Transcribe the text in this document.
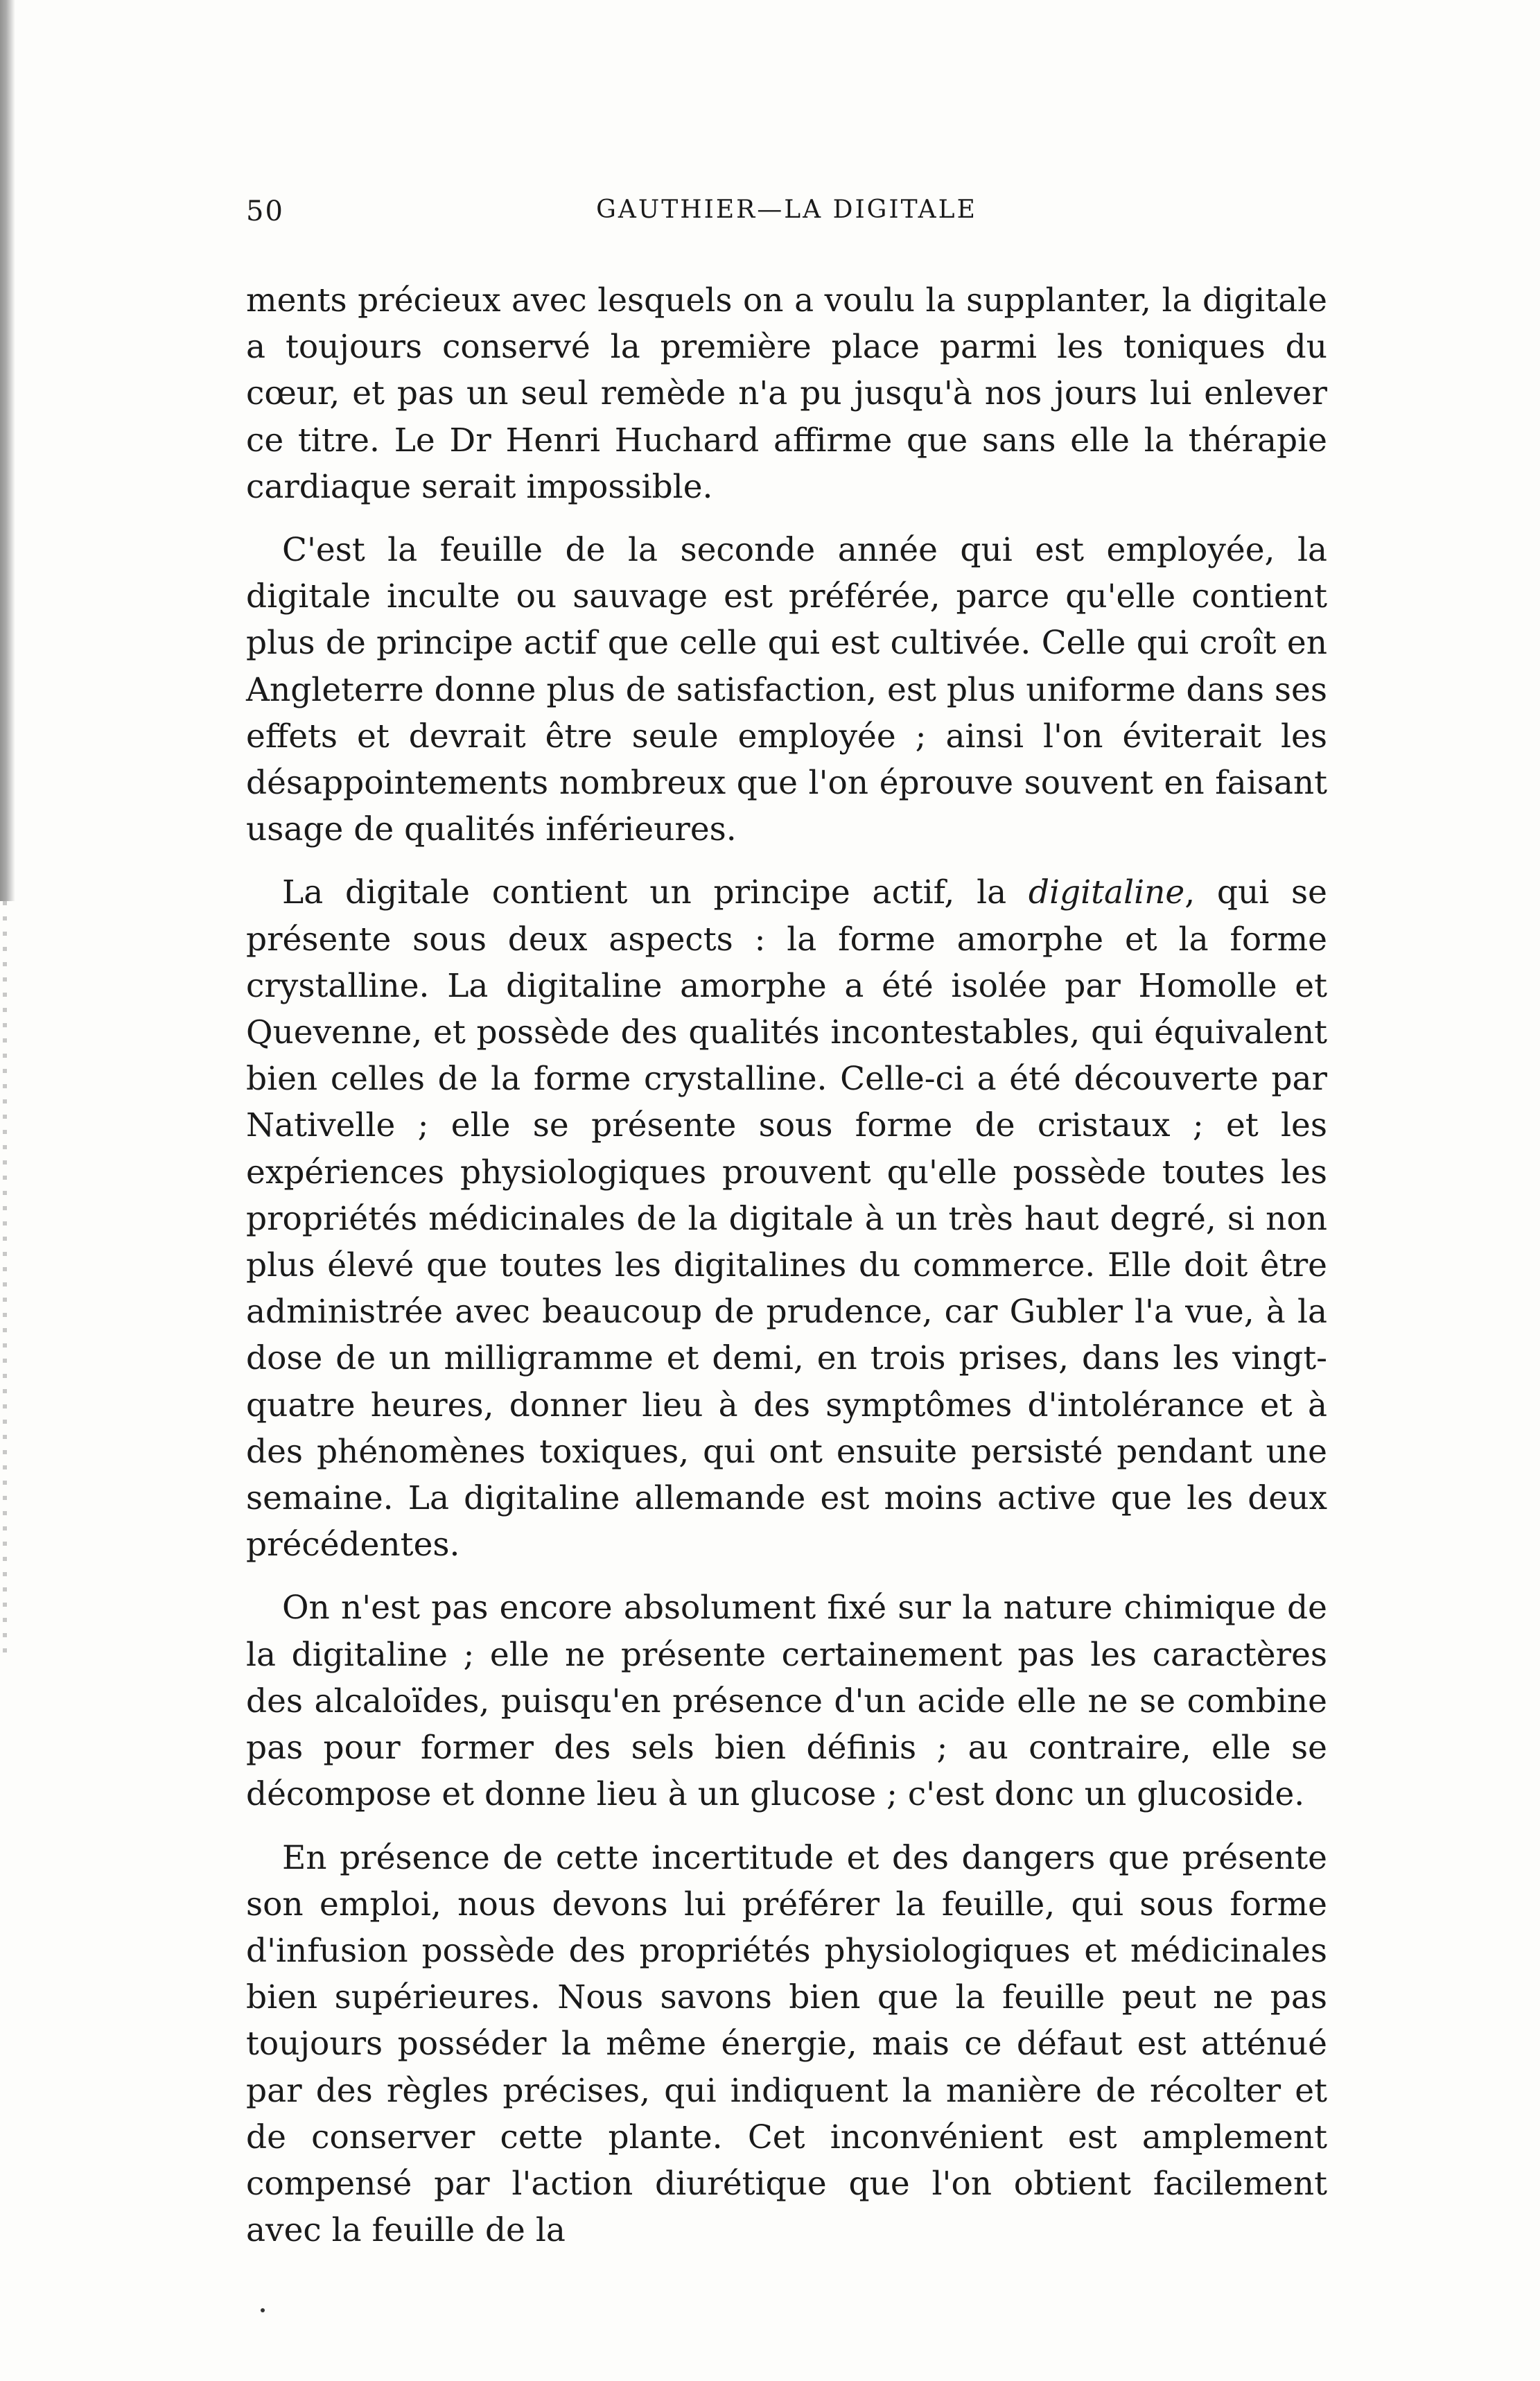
50	GAUTHIER—LA DIGITALE

ments précieux avec lesquels on a voulu la supplanter, la digitale a toujours conservé la première place parmi les toniques du cœur, et pas un seul remède n'a pu jusqu'à nos jours lui enlever ce titre. Le Dr Henri Huchard affirme que sans elle la thérapie cardiaque serait impossible.

C'est la feuille de la seconde année qui est employée, la digitale inculte ou sauvage est préférée, parce qu'elle contient plus de principe actif que celle qui est cultivée. Celle qui croît en Angleterre donne plus de satisfaction, est plus uniforme dans ses effets et devrait être seule employée ; ainsi l'on éviterait les désappointements nombreux que l'on éprouve souvent en faisant usage de qualités inférieures.

La digitale contient un principe actif, la digitaline, qui se présente sous deux aspects : la forme amorphe et la forme crystalline. La digitaline amorphe a été isolée par Homolle et Quevenne, et possède des qualités incontestables, qui équivalent bien celles de la forme crystalline. Celle-ci a été découverte par Nativelle ; elle se présente sous forme de cristaux ; et les expériences physiologiques prouvent qu'elle possède toutes les propriétés médicinales de la digitale à un très haut degré, si non plus élevé que toutes les digitalines du commerce. Elle doit être administrée avec beaucoup de prudence, car Gubler l'a vue, à la dose de un milligramme et demi, en trois prises, dans les vingt-quatre heures, donner lieu à des symptômes d'intolérance et à des phénomènes toxiques, qui ont ensuite persisté pendant une semaine. La digitaline allemande est moins active que les deux précédentes.

On n'est pas encore absolument fixé sur la nature chimique de la digitaline ; elle ne présente certainement pas les caractères des alcaloïdes, puisqu'en présence d'un acide elle ne se combine pas pour former des sels bien définis ; au contraire, elle se décompose et donne lieu à un glucose ; c'est donc un glucoside.

En présence de cette incertitude et des dangers que présente son emploi, nous devons lui préférer la feuille, qui sous forme d'infusion possède des propriétés physiologiques et médicinales bien supérieures. Nous savons bien que la feuille peut ne pas toujours posséder la même énergie, mais ce défaut est atténué par des règles précises, qui indiquent la manière de récolter et de conserver cette plante. Cet inconvénient est amplement compensé par l'action diurétique que l'on obtient facilement avec la feuille de la
